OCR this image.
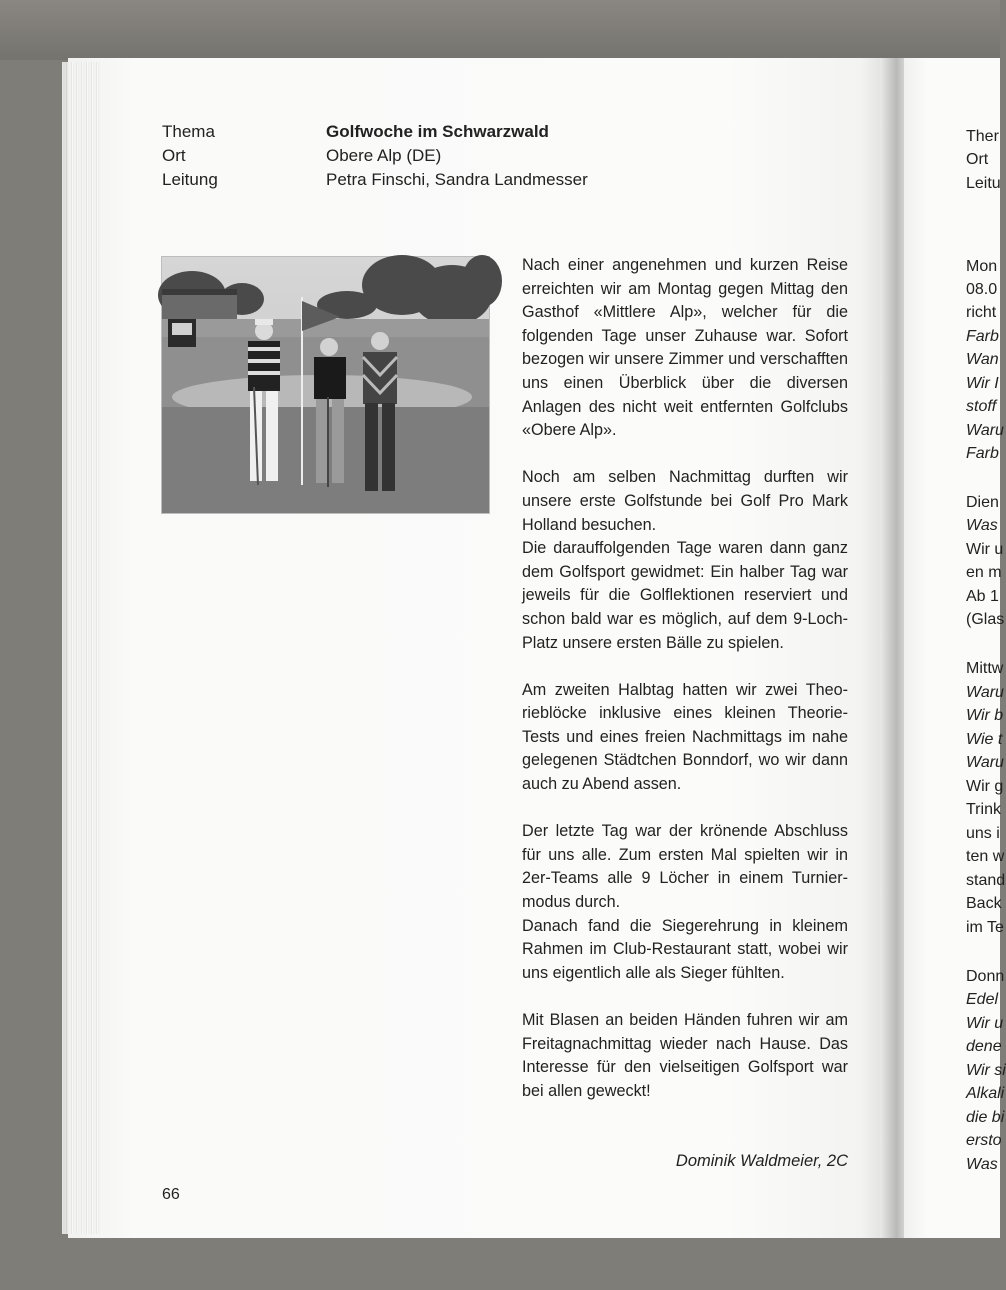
Thema
Ort
Leitung
Golfwoche im Schwarzwald
Obere Alp (DE)
Petra Finschi, Sandra Landmesser

Nach einer angenehmen und kurzen Reise erreichten wir am Montag gegen Mittag den Gasthof «Mittlere Alp», welcher für die folgenden Tage unser Zuhause war. Sofort bezogen wir unsere Zimmer und verschafften uns einen Überblick über die diversen Anlagen des nicht weit entfernten Golfclubs «Obere Alp».

Noch am selben Nachmittag durften wir unsere erste Golfstunde bei Golf Pro Mark Holland besuchen.

Die darauffolgenden Tage waren dann ganz dem Golfsport gewidmet: Ein halber Tag war jeweils für die Golflektionen reserviert und schon bald war es möglich, auf dem 9-Loch-Platz unsere ersten Bälle zu spielen.

Am zweiten Halbtag hatten wir zwei Theorieblöcke inklusive eines kleinen Theorie-Tests und eines freien Nachmittags im nahe gelegenen Städtchen Bonndorf, wo wir dann auch zu Abend assen.

Der letzte Tag war der krönende Abschluss für uns alle. Zum ersten Mal spielten wir in 2er-Teams alle 9 Löcher in einem Turniermodus durch.

Danach fand die Siegerehrung in kleinem Rahmen im Club-Restaurant statt, wobei wir uns eigentlich alle als Sieger fühlten.

Mit Blasen an beiden Händen fuhren wir am Freitagnachmittag wieder nach Hause. Das Interesse für den vielseitigen Golfsport war bei allen geweckt!

Dominik Waldmeier, 2C
66
Ther
Ort
Leitu
Mon
08.0
richt
Farb
Wan
Wir I
stoff
Waru
Farb
Dien
Was
Wir u
en m
Ab 1
(Glas
Mittw
Waru
Wir b
Wie t
Waru
Wir g
Trink
uns i
ten w
stand
Back
im Te
Donn
Edel
Wir u
dene
Wir si
Alkali
die bi
ersto
Was
